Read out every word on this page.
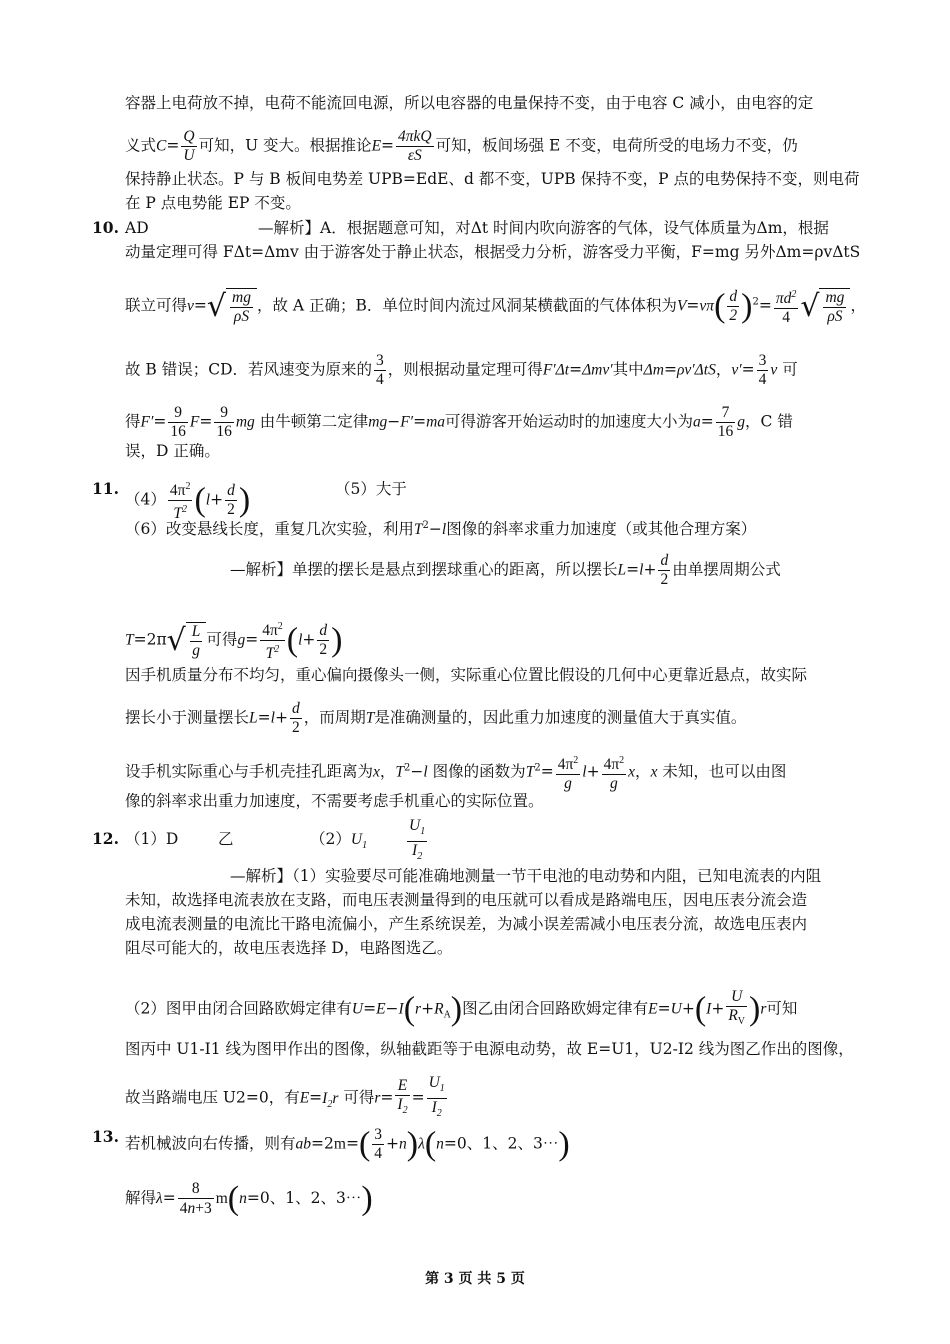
容器上电荷放不掉，电荷不能流回电源，所以电容器的电量保持不变，由于电容 C 减小，由电容的定
义式$C= \frac{Q}{U}$ 可知，U 变大。根据推论$E= \frac{\text{4πkQ}}{\varepsilon S}$ 可知，板间场强 E 不变，电荷所受的电场力不变，仍
保持静止状态。P 与 B 板间电势差 UPB=EdE、d 都不变，UPB 保持不变，P 点的电势保持不变，则电荷
在 P 点电势能 EP 不变。
10. AD	—解析】A．根据题意可知，对Δt 时间内吹向游客的气体，设气体质量为Δm，根据
动量定理可得 FΔt=Δmv 由于游客处于静止状态，根据受力分析，游客受力平衡，F=mg 另外Δm=ρvΔtS
联立可得$v=√ \frac{mg}{\rho S}$ ，故 A 正确；B．单位时间内流过风洞某横截面的气体体积为$V=v\pi( \frac{d}{2} )^2= \frac{\pi d^2}{4}$ √ $\frac{mg}{\rho S}$ ，
故 B 错误；CD．若风速变为原来的 $\frac{3}{4}$ ，则根据动量定理可得F′Δt=Δmv′其中Δm=ρv′ΔtS，$v'= \frac{3}{4}$ v 可
得$F'= \frac{9}{16} F= \frac{9}{16}$ mg 由牛顿第二定律mg−F′=ma可得游客开始运动时的加速度大小为$a= \frac{7}{16}$ g，C 错
误，D 正确。
11.
$(4) \frac{4\pi^2}{T^2} (l+ \frac{d}{2}$ )	（5）大于
（6）改变悬线长度，重复几次实验，利用$T^2-l$图像的斜率求重力加速度（或其他合理方案）
—解析】单摆的摆长是悬点到摆球重心的距离，所以摆长$L=l+ \frac{d}{2}$ 由单摆周期公式
$T=2\pi√ \frac{L}{g}$ 可得$g= \frac{4\pi^2}{T^2} (l+ \frac{d}{2}$ )
因手机质量分布不均匀，重心偏向摄像头一侧，实际重心位置比假设的几何中心更靠近悬点，故实际
摆长小于测量摆长$L=l+ \frac{d}{2}$ ，而周期T是准确测量的，因此重力加速度的测量值大于真实值。
设手机实际重心与手机壳挂孔距离为x，$T^2-l$ 图像的函数为$T^2= \frac{4\pi^2}{g} l+ \frac{4\pi^2}{g}$ x，x 未知，也可以由图
像的斜率求出重力加速度，不需要考虑手机重心的实际位置。
12. （1）D	乙	$(2)U_1$	$\frac{U_1}{I_2}$
—解析】（1）实验要尽可能准确地测量一节干电池的电动势和内阻，已知电流表的内阻
未知，故选择电流表放在支路，而电压表测量得到的电压就可以看成是路端电压，因电压表分流会造
成电流表测量的电流比干路电流偏小，产生系统误差，为减小误差需减小电压表分流，故选电压表内
阻尽可能大的，故电压表选择 D，电路图选乙。
（2）图甲由闭合回路欧姆定律有$U=E-I(r+R_A)$图乙由闭合回路欧姆定律有$E=U+(I+ \frac{U}{R_V} )r$可知
图丙中 U1-I1 线为图甲作出的图像，纵轴截距等于电源电动势，故 E=U1，U2-I2 线为图乙作出的图像，
故当路端电压 U2=0，有$E=I_2r$ 可得$r= \frac{E}{I_2} = \frac{U_1}{I_2}$
13. 若机械波向右传播，则有$ab=2m=( \frac{3}{4} +n)\lambda(n=0$、1、2、3⋯)
解得$\lambda= \frac{8}{4n+3} m(n=0$、1、2、3⋯)
第 3 页 共 5 页
